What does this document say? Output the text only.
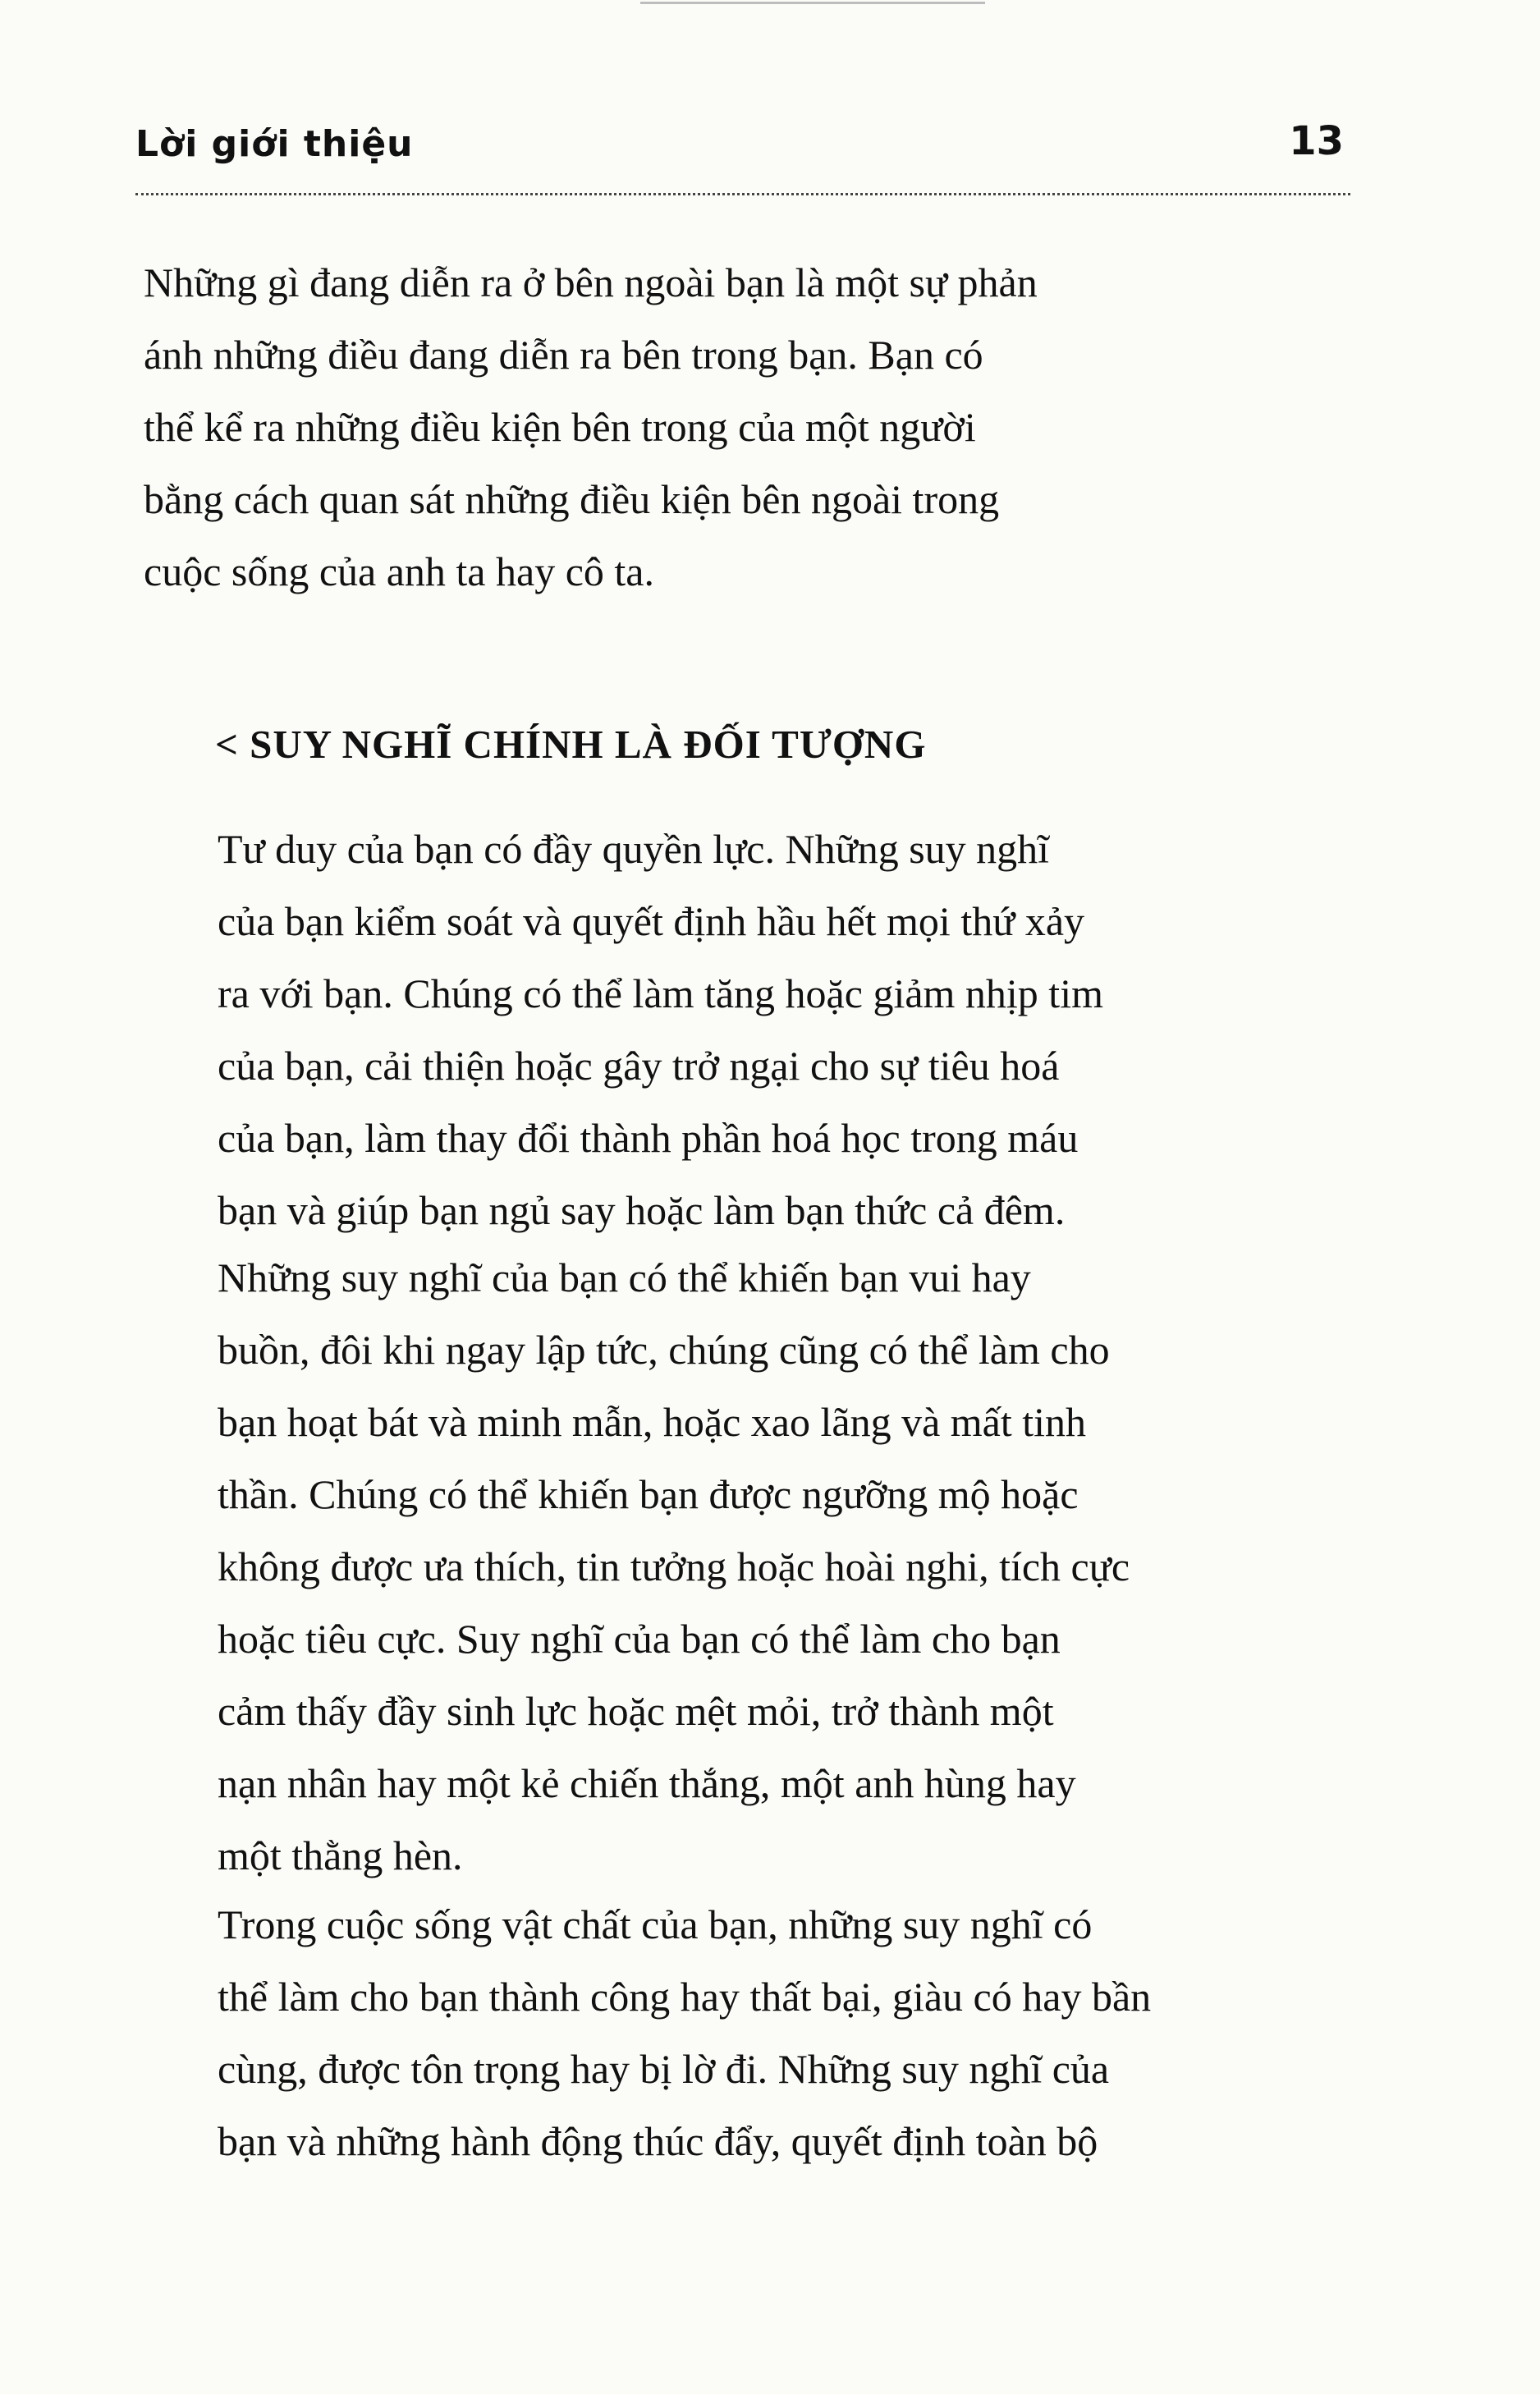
Lời giới thiệu	13
Những gì đang diễn ra ở bên ngoài bạn là một sự phản
ánh những điều đang diễn ra bên trong bạn. Bạn có
thể kể ra những điều kiện bên trong của một người
bằng cách quan sát những điều kiện bên ngoài trong
cuộc sống của anh ta hay cô ta.
< SUY NGHĨ CHÍNH LÀ ĐỐI TƯỢNG
Tư duy của bạn có đầy quyền lực. Những suy nghĩ
của bạn kiểm soát và quyết định hầu hết mọi thứ xảy
ra với bạn. Chúng có thể làm tăng hoặc giảm nhịp tim
của bạn, cải thiện hoặc gây trở ngại cho sự tiêu hoá
của bạn, làm thay đổi thành phần hoá học trong máu
bạn và giúp bạn ngủ say hoặc làm bạn thức cả đêm.
Những suy nghĩ của bạn có thể khiến bạn vui hay
buồn, đôi khi ngay lập tức, chúng cũng có thể làm cho
bạn hoạt bát và minh mẫn, hoặc xao lãng và mất tinh
thần. Chúng có thể khiến bạn được ngưỡng mộ hoặc
không được ưa thích, tin tưởng hoặc hoài nghi, tích cực
hoặc tiêu cực. Suy nghĩ của bạn có thể làm cho bạn
cảm thấy đầy sinh lực hoặc mệt mỏi, trở thành một
nạn nhân hay một kẻ chiến thắng, một anh hùng hay
một thằng hèn.
Trong cuộc sống vật chất của bạn, những suy nghĩ có
thể làm cho bạn thành công hay thất bại, giàu có hay bần
cùng, được tôn trọng hay bị lờ đi. Những suy nghĩ của
bạn và những hành động thúc đẩy, quyết định toàn bộ
